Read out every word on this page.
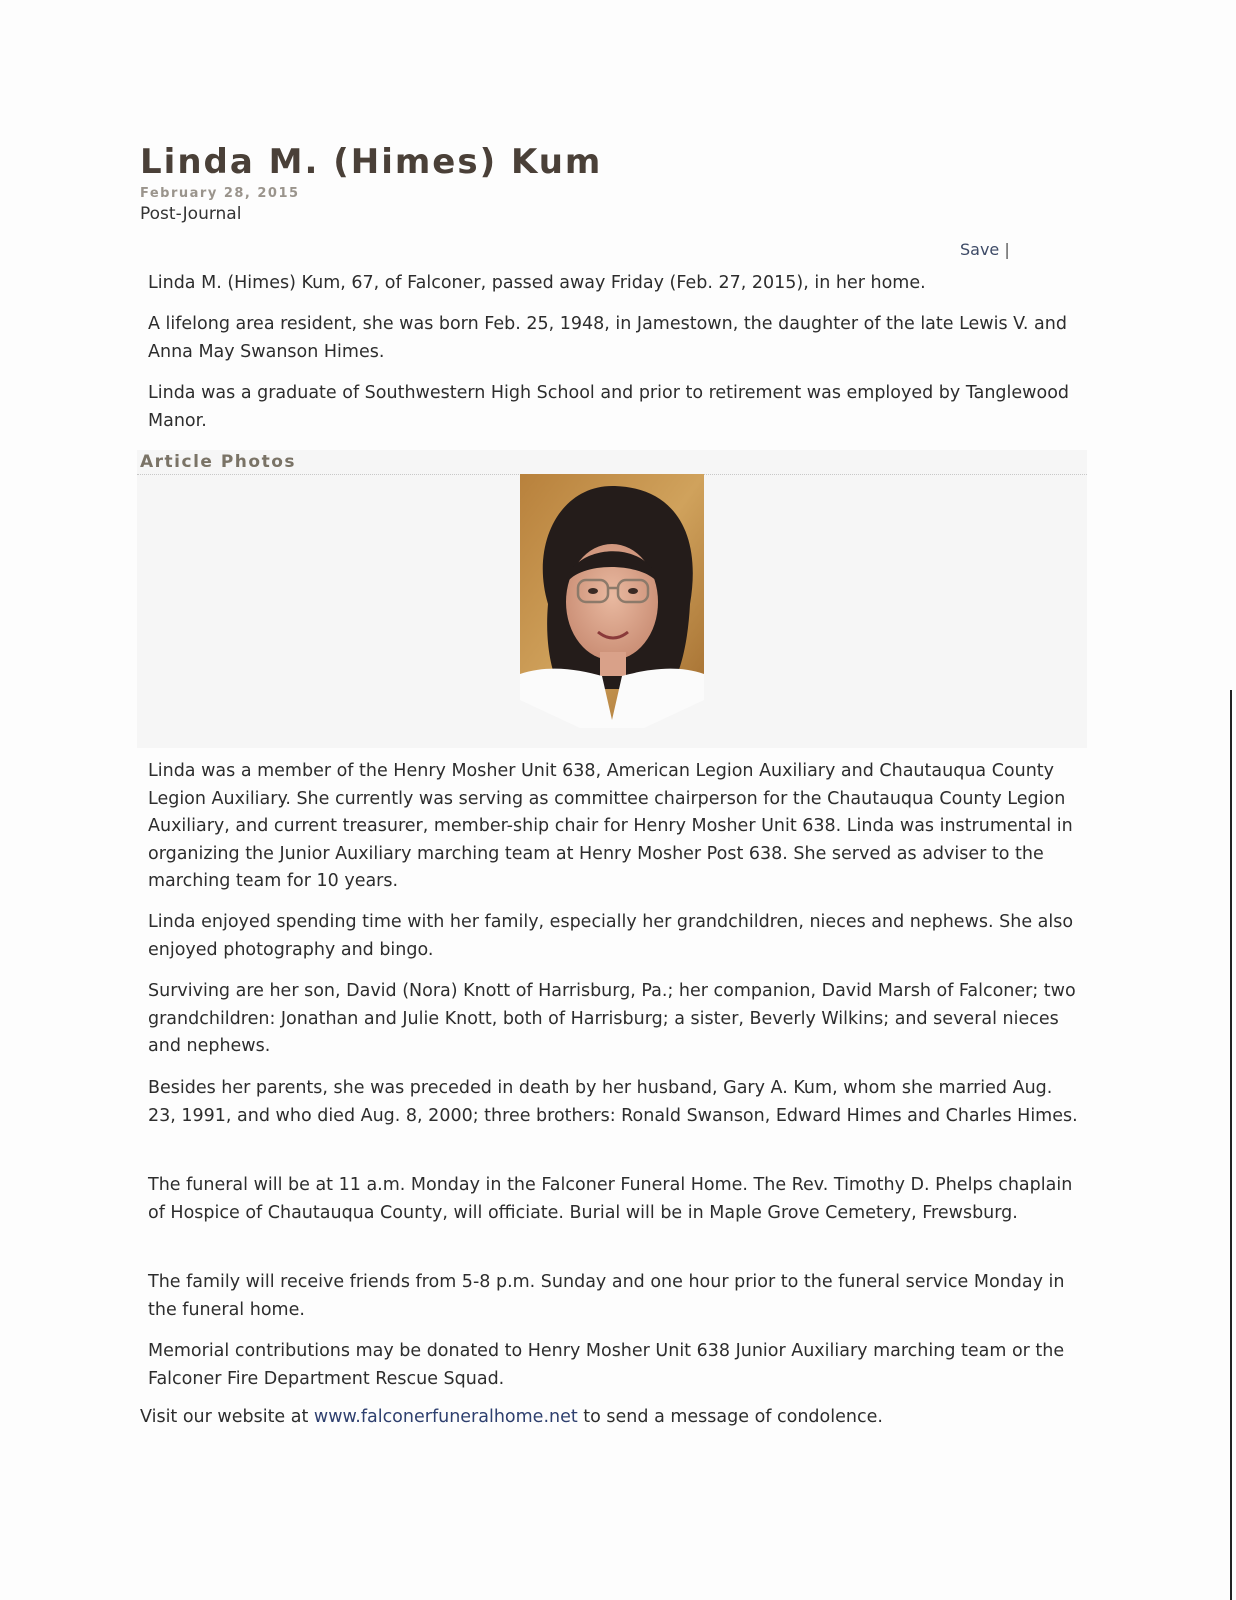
Linda M. (Himes) Kum
February 28, 2015
Post-Journal
Save |

Linda M. (Himes) Kum, 67, of Falconer, passed away Friday (Feb. 27, 2015), in her home.

A lifelong area resident, she was born Feb. 25, 1948, in Jamestown, the daughter of the late Lewis V. and Anna May Swanson Himes.

Linda was a graduate of Southwestern High School and prior to retirement was employed by Tanglewood Manor.

Article Photos

Linda was a member of the Henry Mosher Unit 638, American Legion Auxiliary and Chautauqua County Legion Auxiliary. She currently was serving as committee chairperson for the Chautauqua County Legion Auxiliary, and current treasurer, member-ship chair for Henry Mosher Unit 638. Linda was instrumental in organizing the Junior Auxiliary marching team at Henry Mosher Post 638. She served as adviser to the marching team for 10 years.

Linda enjoyed spending time with her family, especially her grandchildren, nieces and nephews. She also enjoyed photography and bingo.

Surviving are her son, David (Nora) Knott of Harrisburg, Pa.; her companion, David Marsh of Falconer; two grandchildren: Jonathan and Julie Knott, both of Harrisburg; a sister, Beverly Wilkins; and several nieces and nephews.

Besides her parents, she was preceded in death by her husband, Gary A. Kum, whom she married Aug. 23, 1991, and who died Aug. 8, 2000; three brothers: Ronald Swanson, Edward Himes and Charles Himes.

The funeral will be at 11 a.m. Monday in the Falconer Funeral Home. The Rev. Timothy D. Phelps chaplain of Hospice of Chautauqua County, will officiate. Burial will be in Maple Grove Cemetery, Frewsburg.

The family will receive friends from 5-8 p.m. Sunday and one hour prior to the funeral service Monday in the funeral home.

Memorial contributions may be donated to Henry Mosher Unit 638 Junior Auxiliary marching team or the Falconer Fire Department Rescue Squad.

Visit our website at www.falconerfuneralhome.net to send a message of condolence.
